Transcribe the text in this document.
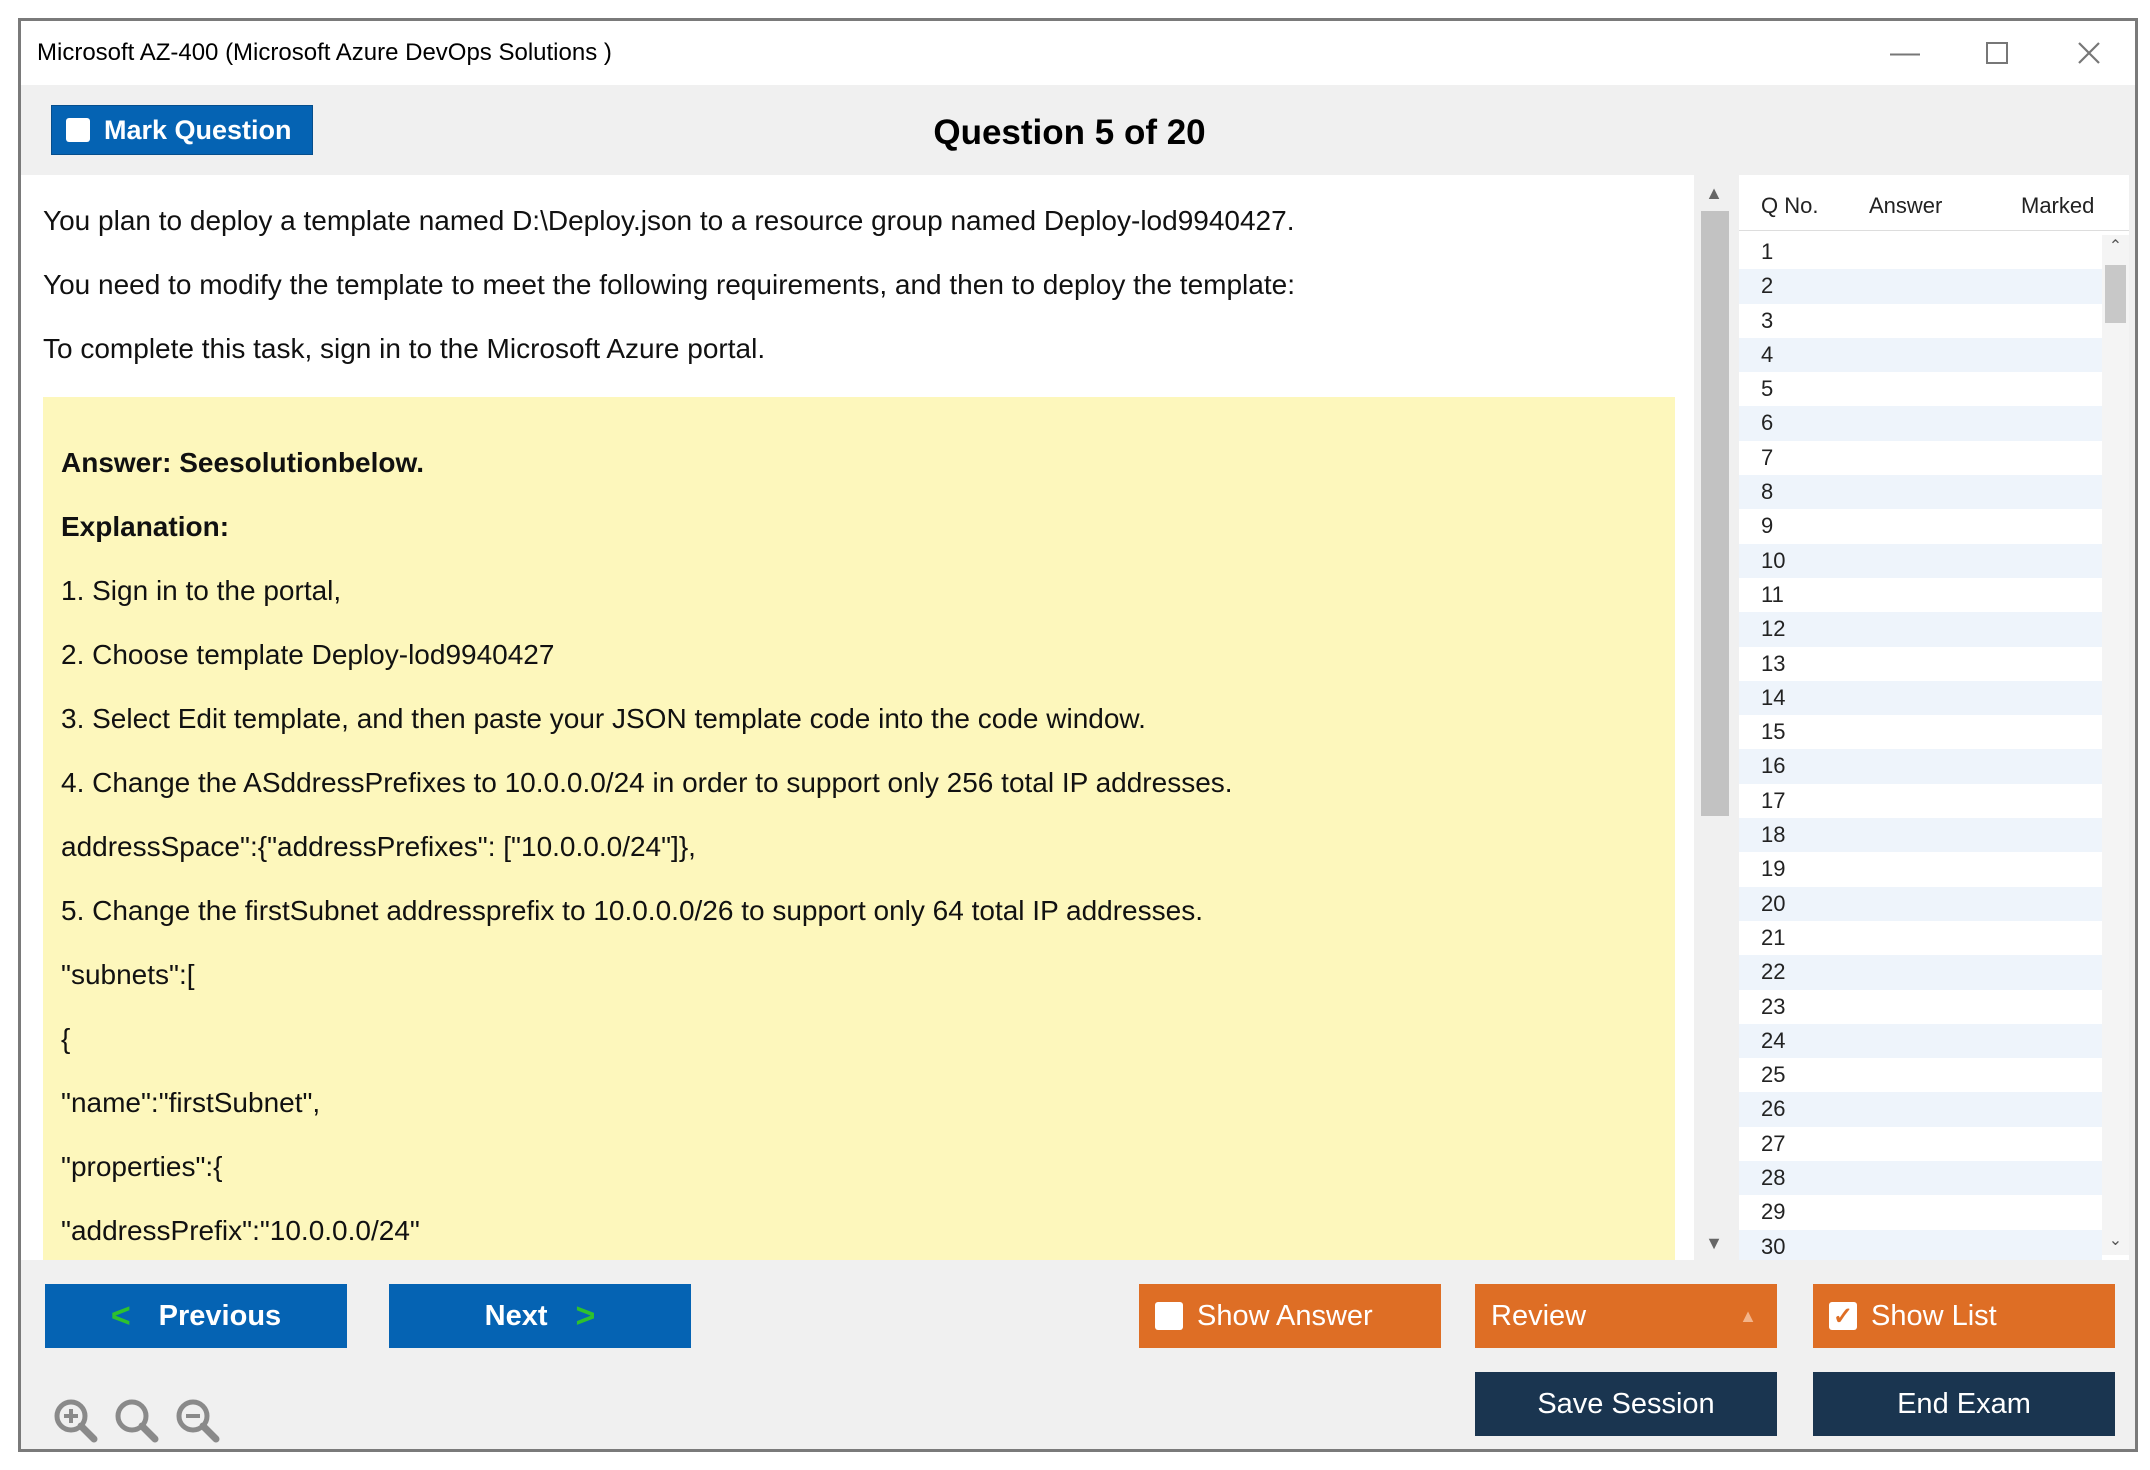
Microsoft AZ-400 (Microsoft Azure DevOps Solutions )	—
Mark Question	Question 5 of 20

You plan to deploy a template named D:\Deploy.json to a resource group named Deploy-lod9940427.

You need to modify the template to meet the following requirements, and then to deploy the template:

To complete this task, sign in to the Microsoft Azure portal.

Answer: Seesolutionbelow.

Explanation:

1. Sign in to the portal,

2. Choose template Deploy-lod9940427

3. Select Edit template, and then paste your JSON template code into the code window.

4. Change the ASddressPrefixes to 10.0.0.0/24 in order to support only 256 total IP addresses.

addressSpace":{"addressPrefixes": ["10.0.0.0/24"]},

5. Change the firstSubnet addressprefix to 10.0.0.0/26 to support only 64 total IP addresses.

"subnets":[

{

"name":"firstSubnet",

"properties":{

"addressPrefix":"10.0.0.0/24"

▲
▼
Q No. Answer	Marked
1
2
3
4
5
6
7
8
9
10
11
12
13
14
15
16
17
18
19
20
21
22
23
24
25
26
27
28
29
30
⌃
⌄
< Previous	Next >	Show Answer	Review	▲	✓ Show List
Save Session	End Exam
